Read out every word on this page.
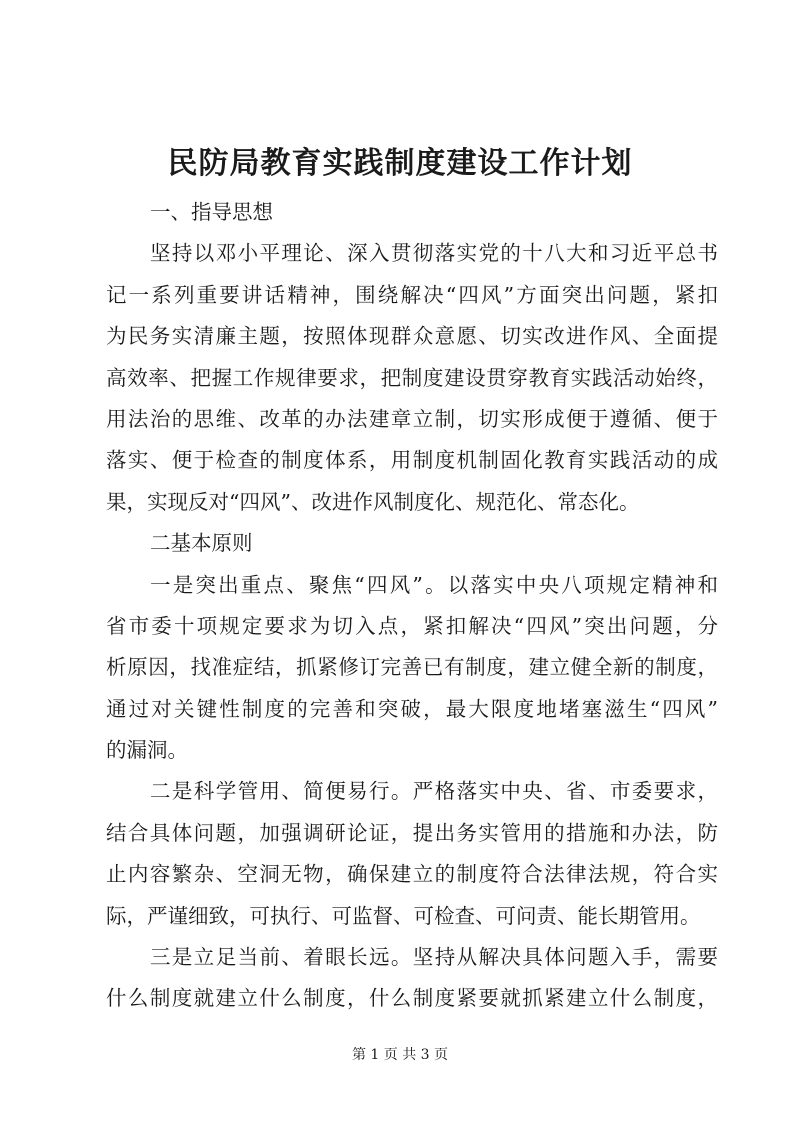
民防局教育实践制度建设工作计划
一、指导思想
坚持以邓小平理论、深入贯彻落实党的十八大和习近平总书
记一系列重要讲话精神，围绕解决“四风”方面突出问题，紧扣
为民务实清廉主题，按照体现群众意愿、切实改进作风、全面提
高效率、把握工作规律要求，把制度建设贯穿教育实践活动始终，
用法治的思维、改革的办法建章立制，切实形成便于遵循、便于
落实、便于检查的制度体系，用制度机制固化教育实践活动的成
果，实现反对“四风”、改进作风制度化、规范化、常态化。
二基本原则
一是突出重点、聚焦“四风”。以落实中央八项规定精神和
省市委十项规定要求为切入点，紧扣解决“四风”突出问题，分
析原因，找准症结，抓紧修订完善已有制度，建立健全新的制度，
通过对关键性制度的完善和突破，最大限度地堵塞滋生“四风”
的漏洞。
二是科学管用、简便易行。严格落实中央、省、市委要求，
结合具体问题，加强调研论证，提出务实管用的措施和办法，防
止内容繁杂、空洞无物，确保建立的制度符合法律法规，符合实
际，严谨细致，可执行、可监督、可检查、可问责、能长期管用。
三是立足当前、着眼长远。坚持从解决具体问题入手，需要
什么制度就建立什么制度，什么制度紧要就抓紧建立什么制度，
第 1 页 共 3 页
